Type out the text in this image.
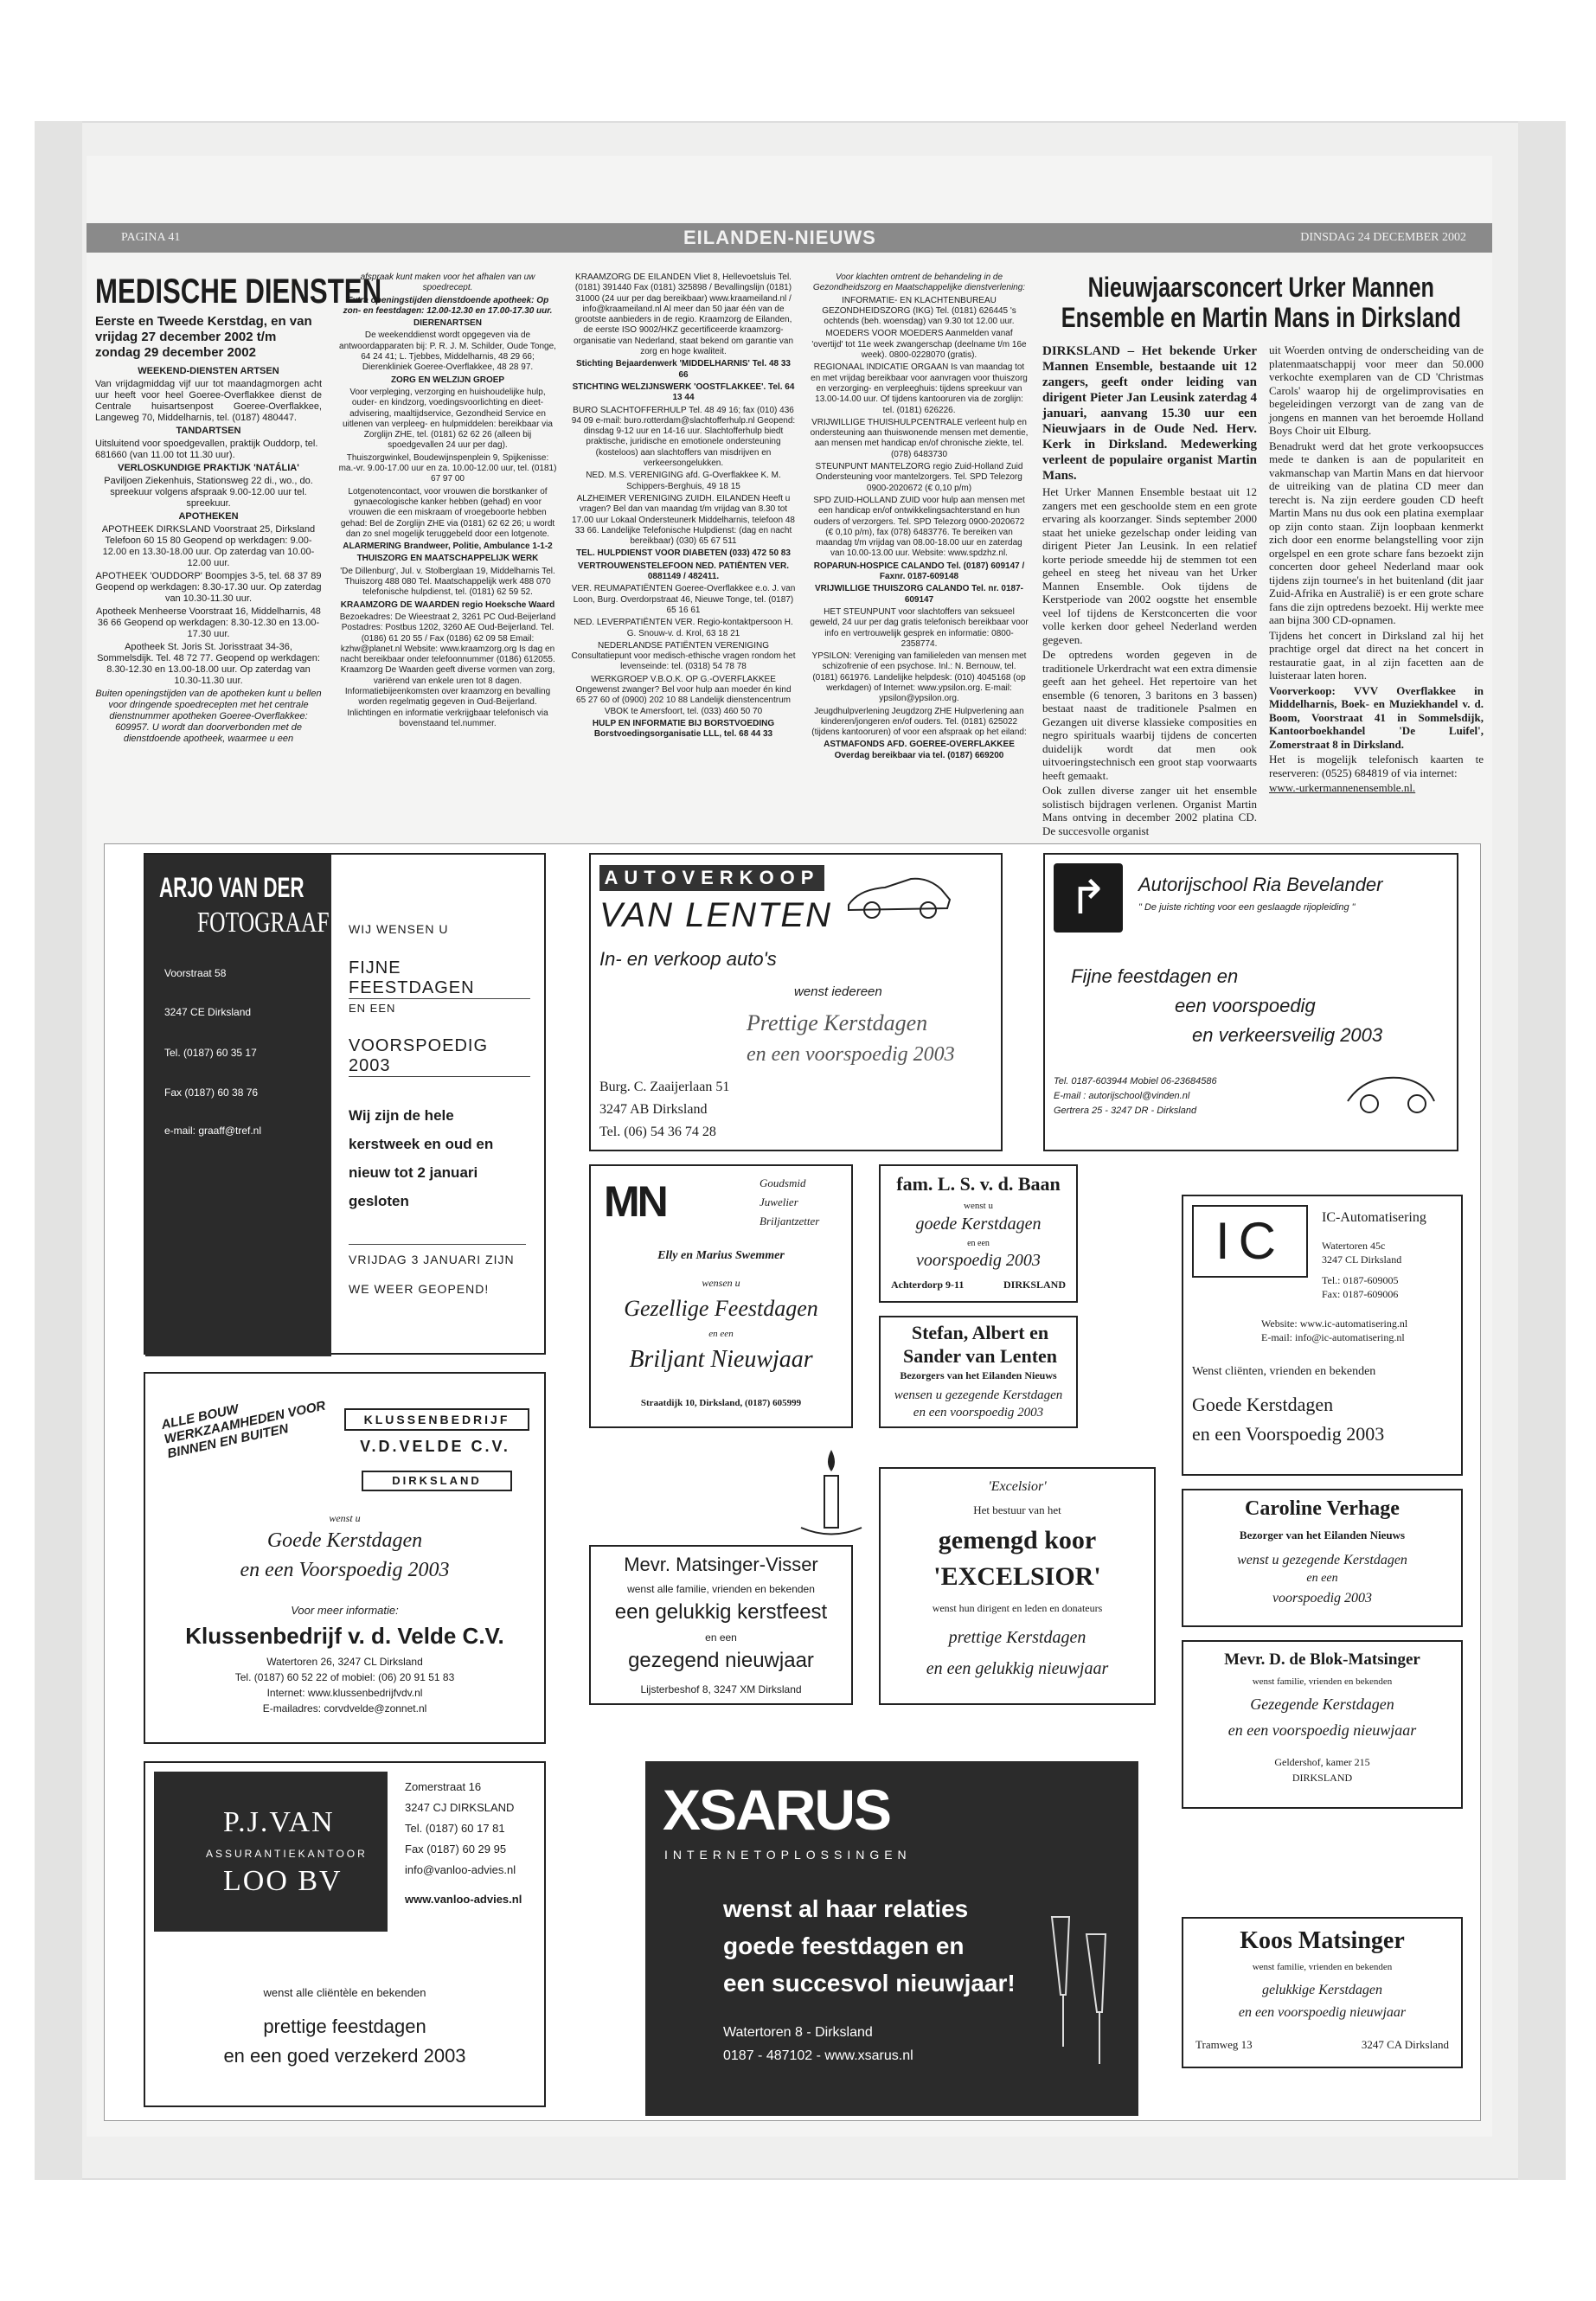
PAGINA 41	EILANDEN-NIEUWS	DINSDAG 24 DECEMBER 2002
MEDISCHE DIENSTEN

Eerste en Tweede Kerstdag, en van vrijdag 27 december 2002 t/m zondag 29 december 2002

WEEKEND-DIENSTEN ARTSEN

Van vrijdagmiddag vijf uur tot maandagmorgen acht uur heeft voor heel Goeree-Overflakkee dienst de Centrale huisartsenpost Goeree-Overflakkee, Langeweg 70, Middelharnis, tel. (0187) 480447.

TANDARTSEN

Uitsluitend voor spoedgevallen, praktijk Ouddorp, tel. 681660 (van 11.00 tot 11.30 uur).

VERLOSKUNDIGE PRAKTIJK 'NATÁLIA'

Paviljoen Ziekenhuis, Stationsweg 22 di., wo., do. spreekuur volgens afspraak 9.00-12.00 uur tel. spreekuur.

APOTHEKEN

APOTHEEK DIRKSLAND Voorstraat 25, Dirksland Telefoon 60 15 80 Geopend op werkdagen: 9.00-12.00 en 13.30-18.00 uur. Op zaterdag van 10.00-12.00 uur.

APOTHEEK 'OUDDORP' Boompjes 3-5, tel. 68 37 89 Geopend op werkdagen: 8.30-17.30 uur. Op zaterdag van 10.30-11.30 uur.

Apotheek Menheerse Voorstraat 16, Middelharnis, 48 36 66 Geopend op werkdagen: 8.30-12.30 en 13.00-17.30 uur.

Apotheek St. Joris St. Jorisstraat 34-36, Sommelsdijk. Tel. 48 72 77. Geopend op werkdagen: 8.30-12.30 en 13.00-18.00 uur. Op zaterdag van 10.30-11.30 uur.

Buiten openingstijden van de apotheken kunt u bellen voor dringende spoedrecepten met het centrale dienstnummer apotheken Goeree-Overflakkee: 609957. U wordt dan doorverbonden met de dienstdoende apotheek, waarmee u een

afspraak kunt maken voor het afhalen van uw spoedrecept.

Extra openingstijden dienstdoende apotheek: Op zon- en feestdagen: 12.00-12.30 en 17.00-17.30 uur.

DIERENARTSEN

De weekenddienst wordt opgegeven via de antwoordapparaten bij: P. R. J. M. Schilder, Oude Tonge, 64 24 41; L. Tjebbes, Middelharnis, 48 29 66; Dierenkliniek Goeree-Overflakkee, 48 28 97.

ZORG EN WELZIJN GROEP

Voor verpleging, verzorging en huishoudelijke hulp, ouder- en kindzorg, voedingsvoorlichting en dieet-advisering, maaltijdservice, Gezondheid Service en uitlenen van verpleeg- en hulpmiddelen: bereikbaar via Zorglijn ZHE, tel. (0181) 62 62 26 (alleen bij spoedgevallen 24 uur per dag).

Thuiszorgwinkel, Boudewijnspenplein 9, Spijkenisse: ma.-vr. 9.00-17.00 uur en za. 10.00-12.00 uur, tel. (0181) 67 97 00

Lotgenotencontact, voor vrouwen die borstkanker of gynaecologische kanker hebben (gehad) en voor vrouwen die een miskraam of vroegeboorte hebben gehad: Bel de Zorglijn ZHE via (0181) 62 62 26; u wordt dan zo snel mogelijk teruggebeld door een lotgenote.

ALARMERING Brandweer, Politie, Ambulance 1-1-2

THUISZORG EN MAATSCHAPPELIJK WERK

'De Dillenburg', Jul. v. Stolberglaan 19, Middelharnis Tel. Thuiszorg 488 080 Tel. Maatschappelijk werk 488 070 telefonische hulpdienst, tel. (0181) 62 59 52.

KRAAMZORG DE WAARDEN regio Hoeksche Waard

Bezoekadres: De Wieestraat 2, 3261 PC Oud-Beijerland Postadres: Postbus 1202, 3260 AE Oud-Beijerland. Tel. (0186) 61 20 55 / Fax (0186) 62 09 58 Email: kzhw@planet.nl Website: www.kraamzorg.org Is dag en nacht bereikbaar onder telefoonnummer (0186) 612055. Kraamzorg De Waarden geeft diverse vormen van zorg, variërend van enkele uren tot 8 dagen. Informatiebijeenkomsten over kraamzorg en bevalling worden regelmatig gegeven in Oud-Beijerland. Inlichtingen en informatie verkrijgbaar telefonisch via bovenstaand tel.nummer.

KRAAMZORG DE EILANDEN Vliet 8, Hellevoetsluis Tel. (0181) 391440 Fax (0181) 325898 / Bevallingslijn (0181) 31000 (24 uur per dag bereikbaar) www.kraameiland.nl / info@kraameiland.nl Al meer dan 50 jaar één van de grootste aanbieders in de regio. Kraamzorg de Eilanden, de eerste ISO 9002/HKZ gecertificeerde kraamzorg-organisatie van Nederland, staat bekend om garantie van zorg en hoge kwaliteit.

Stichting Bejaardenwerk 'MIDDELHARNIS' Tel. 48 33 66

STICHTING WELZIJNSWERK 'OOSTFLAKKEE'. Tel. 64 13 44

BURO SLACHTOFFERHULP Tel. 48 49 16; fax (010) 436 94 09 e-mail: buro.rotterdam@slachtofferhulp.nl Geopend: dinsdag 9-12 uur en 14-16 uur. Slachtofferhulp biedt praktische, juridische en emotionele ondersteuning (kosteloos) aan slachtoffers van misdrijven en verkeersongelukken.

NED. M.S. VERENIGING afd. G-Overflakkee K. M. Schippers-Berghuis, 49 18 15

ALZHEIMER VERENIGING ZUIDH. EILANDEN Heeft u vragen? Bel dan van maandag t/m vrijdag van 8.30 tot 17.00 uur Lokaal Ondersteunerk Middelharnis, telefoon 48 33 66. Landelijke Telefonische Hulpdienst: (dag en nacht bereikbaar) (030) 65 67 511

TEL. HULPDIENST VOOR DIABETEN (033) 472 50 83

VERTROUWENSTELEFOON NED. PATIËNTEN VER. 0881149 / 482411.

VER. REUMAPATIËNTEN Goeree-Overflakkee e.o. J. van Loon, Burg. Overdorpstraat 46, Nieuwe Tonge, tel. (0187) 65 16 61

NED. LEVERPATIËNTEN VER. Regio-kontaktpersoon H. G. Snouw-v. d. Krol, 63 18 21

NEDERLANDSE PATIËNTEN VERENIGING Consultatiepunt voor medisch-ethische vragen rondom het levenseinde: tel. (0318) 54 78 78

WERKGROEP V.B.O.K. OP G.-OVERFLAKKEE Ongewenst zwanger? Bel voor hulp aan moeder én kind 65 27 60 of (0900) 202 10 88 Landelijk dienstencentrum VBOK te Amersfoort, tel. (033) 460 50 70

HULP EN INFORMATIE BIJ BORSTVOEDING Borstvoedingsorganisatie LLL, tel. 68 44 33

Voor klachten omtrent de behandeling in de Gezondheidszorg en Maatschappelijke dienstverlening:

INFORMATIE- EN KLACHTENBUREAU GEZONDHEIDSZORG (IKG) Tel. (0181) 626445 's ochtends (beh. woensdag) van 9.30 tot 12.00 uur.

MOEDERS VOOR MOEDERS Aanmelden vanaf 'overtijd' tot 11e week zwangerschap (deelname t/m 16e week). 0800-0228070 (gratis).

REGIONAAL INDICATIE ORGAAN Is van maandag tot en met vrijdag bereikbaar voor aanvragen voor thuiszorg en verzorging- en verpleeghuis: tijdens spreekuur van 13.00-14.00 uur. Of tijdens kantooruren via de zorglijn: tel. (0181) 626226.

VRIJWILLIGE THUISHULPCENTRALE verleent hulp en ondersteuning aan thuiswonende mensen met dementie, aan mensen met handicap en/of chronische ziekte, tel. (078) 6483730

STEUNPUNT MANTELZORG regio Zuid-Holland Zuid Ondersteuning voor mantelzorgers. Tel. SPD Telezorg 0900-2020672 (€ 0,10 p/m)

SPD ZUID-HOLLAND ZUID voor hulp aan mensen met een handicap en/of ontwikkelingsachterstand en hun ouders of verzorgers. Tel. SPD Telezorg 0900-2020672 (€ 0,10 p/m), fax (078) 6483776. Te bereiken van maandag t/m vrijdag van 08.00-18.00 uur en zaterdag van 10.00-13.00 uur. Website: www.spdzhz.nl.

ROPARUN-HOSPICE CALANDO Tel. (0187) 609147 / Faxnr. 0187-609148

VRIJWILLIGE THUISZORG CALANDO Tel. nr. 0187-609147

HET STEUNPUNT voor slachtoffers van seksueel geweld, 24 uur per dag gratis telefonisch bereikbaar voor info en vertrouwelijk gesprek en informatie: 0800-2358774.

YPSILON: Vereniging van familieleden van mensen met schizofrenie of een psychose. Inl.: N. Bernouw, tel. (0181) 661976. Landelijke helpdesk: (010) 4045168 (op werkdagen) of Internet: www.ypsilon.org. E-mail: ypsilon@ypsilon.org.

Jeugdhulpverlening Jeugdzorg ZHE Hulpverlening aan kinderen/jongeren en/of ouders. Tel. (0181) 625022 (tijdens kantooruren) of voor een afspraak op het eiland:

ASTMAFONDS AFD. GOEREE-OVERFLAKKEE Overdag bereikbaar via tel. (0187) 669200

Nieuwjaarsconcert Urker Mannen Ensemble en Martin Mans in Dirksland

DIRKSLAND – Het bekende Urker Mannen Ensemble, bestaande uit 12 zangers, geeft onder leiding van dirigent Pieter Jan Leusink zaterdag 4 januari, aanvang 15.30 uur een Nieuwjaars in de Oude Ned. Herv. Kerk in Dirksland. Medewerking verleent de populaire organist Martin Mans.

Het Urker Mannen Ensemble bestaat uit 12 zangers met een geschoolde stem en een grote ervaring als koorzanger. Sinds september 2000 staat het unieke gezelschap onder leiding van dirigent Pieter Jan Leusink. In een relatief korte periode smeedde hij de stemmen tot een geheel en steeg het niveau van het Urker Mannen Ensemble. Ook tijdens de Kerstperiode van 2002 oogstte het ensemble veel lof tijdens de Kerstconcerten die voor volle kerken door geheel Nederland werden gegeven.

De optredens worden gegeven in de traditionele Urkerdracht wat een extra dimensie geeft aan het geheel. Het repertoire van het ensemble (6 tenoren, 3 baritons en 3 bassen) bestaat naast de traditionele Psalmen en Gezangen uit diverse klassieke composities en negro spirituals waarbij tijdens de concerten duidelijk wordt dat men ook uitvoeringstechnisch een groot stap voorwaarts heeft gemaakt.

Ook zullen diverse zanger uit het ensemble solistisch bijdragen verlenen. Organist Martin Mans ontving in december 2002 platina CD. De succesvolle organist

uit Woerden ontving de onderscheiding van de platenmaatschappij voor meer dan 50.000 verkochte exemplaren van de CD 'Christmas Carols' waarop hij de orgelimprovisaties en begeleidingen verzorgt van de zang van de jongens en mannen van het beroemde Holland Boys Choir uit Elburg.

Benadrukt werd dat het grote verkoopsucces mede te danken is aan de populariteit en vakmanschap van Martin Mans en dat hiervoor de uitreiking van de platina CD meer dan terecht is. Na zijn eerdere gouden CD heeft Martin Mans nu dus ook een platina exemplaar op zijn conto staan. Zijn loopbaan kenmerkt zich door een enorme belangstelling voor zijn orgelspel en een grote schare fans bezoekt zijn concerten door geheel Nederland maar ook tijdens zijn tournee's in het buitenland (dit jaar Zuid-Afrika en Australië) is er een grote schare fans die zijn optredens bezoekt. Hij werkte mee aan bijna 300 CD-opnamen.

Tijdens het concert in Dirksland zal hij het prachtige orgel dat direct na het concert in restauratie gaat, in al zijn facetten aan de luisteraar laten horen.

Voorverkoop: VVV Overflakkee in Middelharnis, Boek- en Muziekhandel v. d. Boom, Voorstraat 41 in Sommelsdijk, Kantoorboekhandel 'De Luifel', Zomerstraat 8 in Dirksland.

Het is mogelijk telefonisch kaarten te reserveren: (0525) 684819 of via internet:

www.-urkermannenensemble.nl.

ARJO VAN DER
FOTOGRAAF
Voorstraat 58
3247 CE Dirksland
Tel. (0187) 60 35 17
Fax (0187) 60 38 76
e-mail: graaff@tref.nl
WIJ WENSEN U
FIJNE FEESTDAGEN
EN EEN
VOORSPOEDIG 2003
Wij zijn de hele kerstweek en oud en nieuw tot 2 januari gesloten
VRIJDAG 3 JANUARI ZIJN WE WEER GEOPEND!
AUTOVERKOOP
VAN LENTEN
In- en verkoop auto's
wenst iedereen
Prettige Kerstdagen
en een voorspoedig 2003
Burg. C. Zaaijerlaan 51
3247 AB Dirksland
Tel. (06) 54 36 74 28
↱	Autorijschool Ria Bevelander
" De juiste richting voor een geslaagde rijopleiding "
Fijne feestdagen en
een voorspoedig
en verkeersveilig 2003
Tel. 0187-603944 Mobiel 06-23684586
E-mail : autorijschool@vinden.nl
Gertrera 25 - 3247 DR - Dirksland
MN	Goudsmid
Juwelier
Briljantzetter
Elly en Marius Swemmer
wensen u
Gezellige Feestdagen
en een
Briljant Nieuwjaar
Straatdijk 10, Dirksland, (0187) 605999
fam. L. S. v. d. Baan
wenst u
goede Kerstdagen
en een
voorspoedig 2003
Achterdorp 9-11	DIRKSLAND
Stefan, Albert en Sander van Lenten
Bezorgers van het Eilanden Nieuws
wensen u gezegende Kerstdagen
en een voorspoedig 2003
IC	IC-Automatisering
Watertoren 45c
3247 CL Dirksland
Tel.: 0187-609005
Fax: 0187-609006
Website: www.ic-automatisering.nl
E-mail: info@ic-automatisering.nl
Wenst cliënten, vrienden en bekenden
Goede Kerstdagen
en een Voorspoedig 2003
ALLE BOUW WERKZAAMHEDEN VOOR BINNEN EN BUITEN
KLUSSENBEDRIJF
V.D.VELDE C.V.
DIRKSLAND
wenst u
Goede Kerstdagen
en een Voorspoedig 2003
Voor meer informatie:
Klussenbedrijf v. d. Velde C.V.
Watertoren 26, 3247 CL Dirksland
Tel. (0187) 60 52 22 of mobiel: (06) 20 91 51 83
Internet: www.klussenbedrijfvdv.nl
E-mailadres: corvdvelde@zonnet.nl
Caroline Verhage
Bezorger van het Eilanden Nieuws
wenst u gezegende Kerstdagen
en een
voorspoedig 2003
Mevr. Matsinger-Visser
wenst alle familie, vrienden en bekenden
een gelukkig kerstfeest
en een
gezegend nieuwjaar
Lijsterbeshof 8, 3247 XM Dirksland
'Excelsior'
Het bestuur van het
gemengd koor
'EXCELSIOR'
wenst hun dirigent en leden en donateurs
prettige Kerstdagen
en een gelukkig nieuwjaar	Mevr. D. de Blok-Matsinger
wenst familie, vrienden en bekenden
Gezegende Kerstdagen
en een voorspoedig nieuwjaar
Geldershof, kamer 215
DIRKSLAND
P.J.VAN
ASSURANTIEKANTOOR
LOO BV
Zomerstraat 16
3247 CJ DIRKSLAND
Tel. (0187) 60 17 81
Fax (0187) 60 29 95
info@vanloo-advies.nl
www.vanloo-advies.nl
wenst alle cliëntèle en bekenden
prettige feestdagen
en een goed verzekerd 2003
XSARUS
INTERNETOPLOSSINGEN
wenst al haar relaties
goede feestdagen en
een succesvol nieuwjaar!
Watertoren 8 - Dirksland
0187 - 487102 - www.xsarus.nl
Koos Matsinger
wenst familie, vrienden en bekenden
gelukkige Kerstdagen
en een voorspoedig nieuwjaar
Tramweg 13	3247 CA Dirksland
